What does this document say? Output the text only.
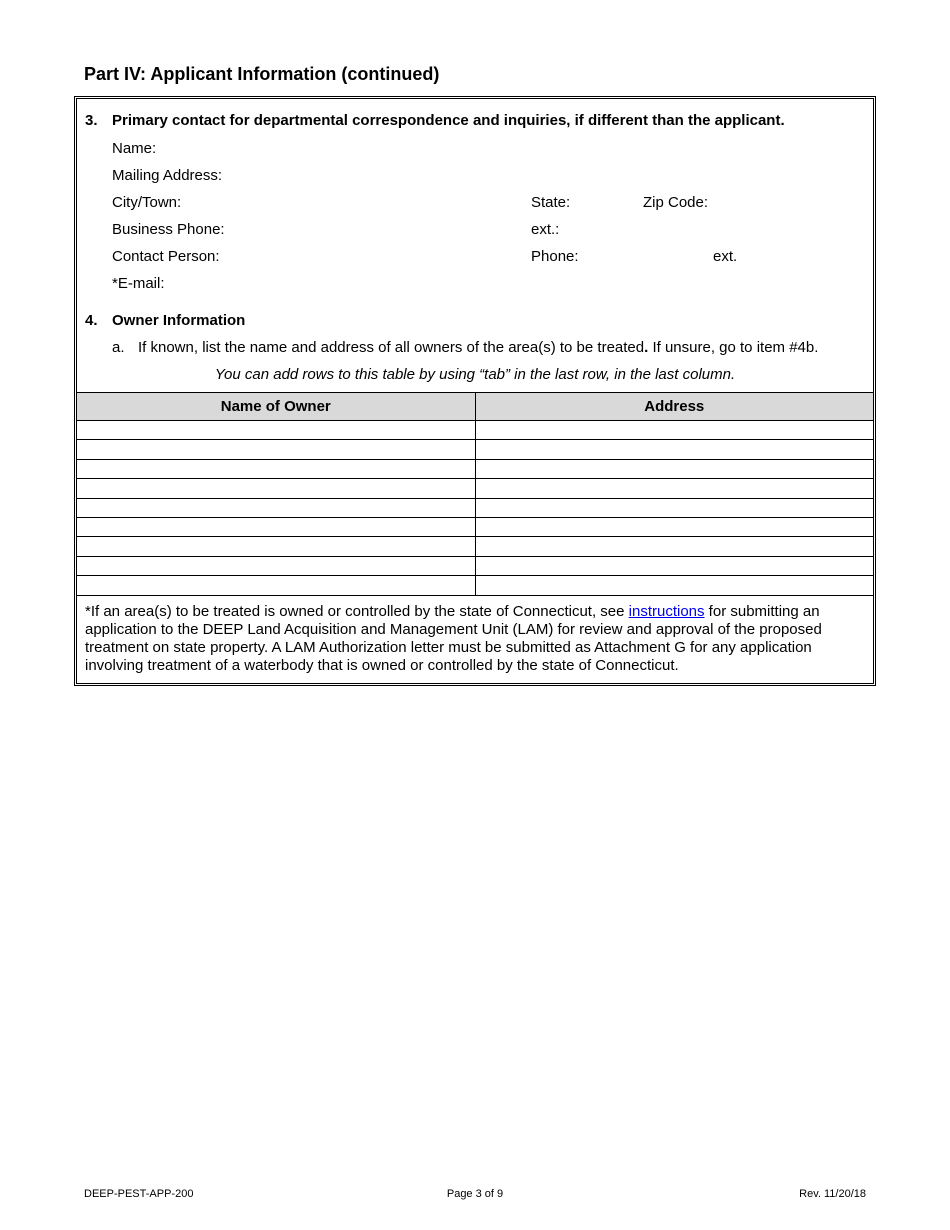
Part IV: Applicant Information (continued)
3. Primary contact for departmental correspondence and inquiries, if different than the applicant.
Name:
Mailing Address:
City/Town:	State:	Zip Code:
Business Phone:	ext.:
Contact Person:	Phone:	ext.
*E-mail:
4. Owner Information
a. If known, list the name and address of all owners of the area(s) to be treated. If unsure, go to item #4b.
You can add rows to this table by using “tab” in the last row, in the last column.
Name of Owner	Address

*If an area(s) to be treated is owned or controlled by the state of Connecticut, see instructions for submitting an application to the DEEP Land Acquisition and Management Unit (LAM) for review and approval of the proposed treatment on state property. A LAM Authorization letter must be submitted as Attachment G for any application involving treatment of a waterbody that is owned or controlled by the state of Connecticut.

DEEP-PEST-APP-200	Page 3 of 9	Rev. 11/20/18
